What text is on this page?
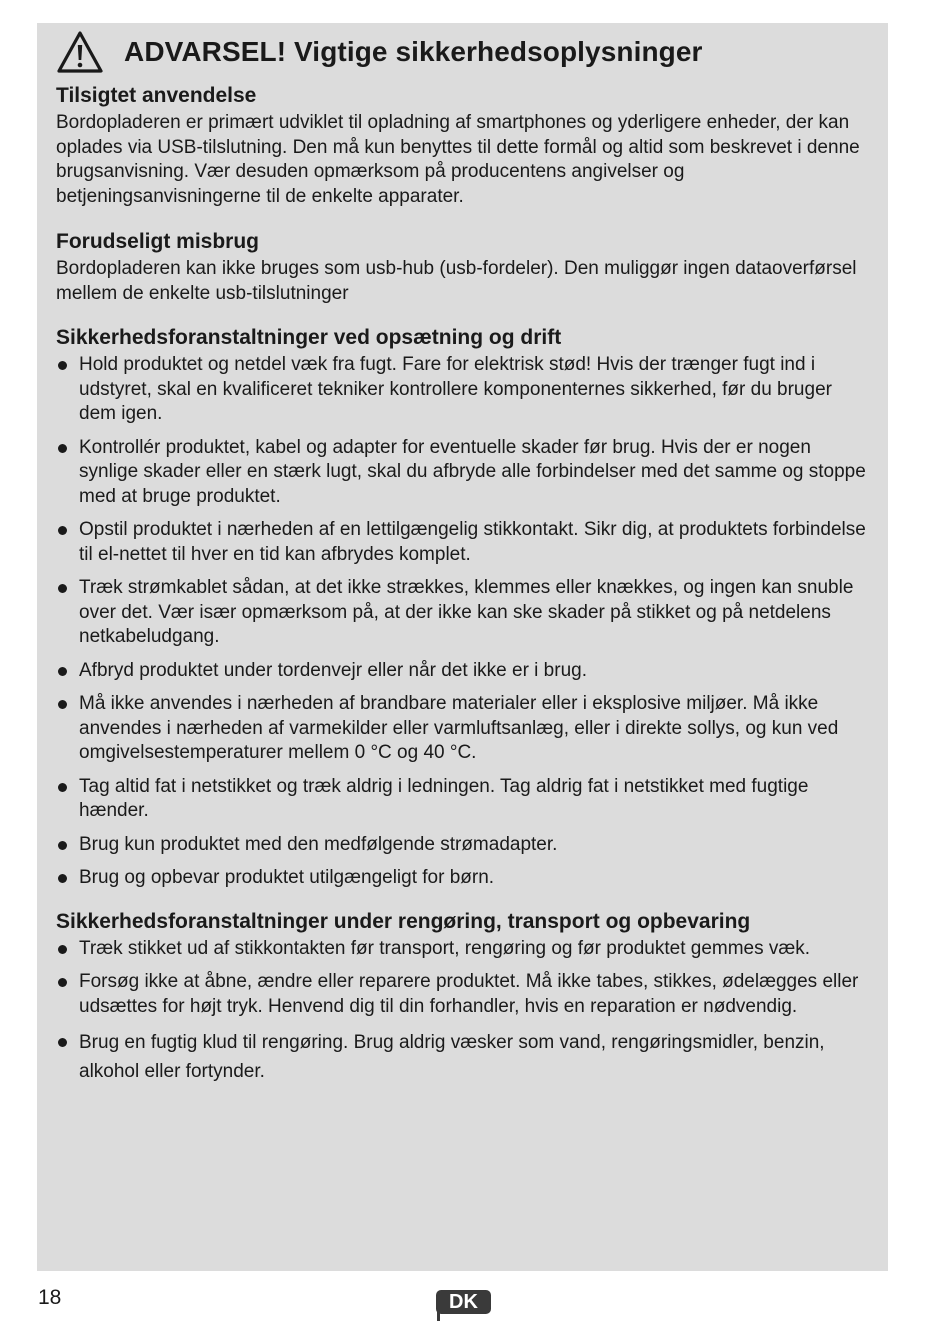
ADVARSEL! Vigtige sikkerhedsoplysninger
Tilsigtet anvendelse

Bordopladeren er primært udviklet til opladning af smartphones og yderligere enheder, der kan oplades via USB-tilslutning. Den må kun benyttes til dette formål og altid som beskrevet i denne brugsanvisning. Vær desuden opmærksom på producentens angivelser og betjeningsanvisningerne til de enkelte apparater.

Forudseligt misbrug

Bordopladeren kan ikke bruges som usb-hub (usb-fordeler). Den muliggør ingen dataoverførsel mellem de enkelte usb-tilslutninger

Sikkerhedsforanstaltninger ved opsætning og drift
Hold produktet og netdel væk fra fugt. Fare for elektrisk stød! Hvis der trænger fugt ind i udstyret, skal en kvalificeret tekniker kontrollere komponenternes sikkerhed, før du bruger dem igen.
Kontrollér produktet, kabel og adapter for eventuelle skader før brug. Hvis der er nogen synlige skader eller en stærk lugt, skal du afbryde alle forbindelser med det samme og stoppe med at bruge produktet.
Opstil produktet i nærheden af en lettilgængelig stikkontakt. Sikr dig, at produktets forbindelse til el-nettet til hver en tid kan afbrydes komplet.
Træk strømkablet sådan, at det ikke strækkes, klemmes eller knækkes, og ingen kan snuble over det. Vær især opmærksom på, at der ikke kan ske skader på stikket og på netdelens netkabeludgang.
Afbryd produktet under tordenvejr eller når det ikke er i brug.
Må ikke anvendes i nærheden af brandbare materialer eller i eksplosive miljøer. Må ikke anvendes i nærheden af varmekilder eller varmluftsanlæg, eller i direkte sollys, og kun ved omgivelsestemperaturer mellem 0 °C og 40 °C.
Tag altid fat i netstikket og træk aldrig i ledningen. Tag aldrig fat i netstikket med fugtige hænder.
Brug kun produktet med den medfølgende strømadapter.
Brug og opbevar produktet utilgængeligt for børn.
Sikkerhedsforanstaltninger under rengøring, transport og opbevaring
Træk stikket ud af stikkontakten før transport, rengøring og før produktet gemmes væk.
Forsøg ikke at åbne, ændre eller reparere produktet. Må ikke tabes, stikkes, ødelægges eller udsættes for højt tryk. Henvend dig til din forhandler, hvis en reparation er nødvendig.
Brug en fugtig klud til rengøring. Brug aldrig væsker som vand, rengøringsmidler, benzin, alkohol eller fortynder.
18	DK
